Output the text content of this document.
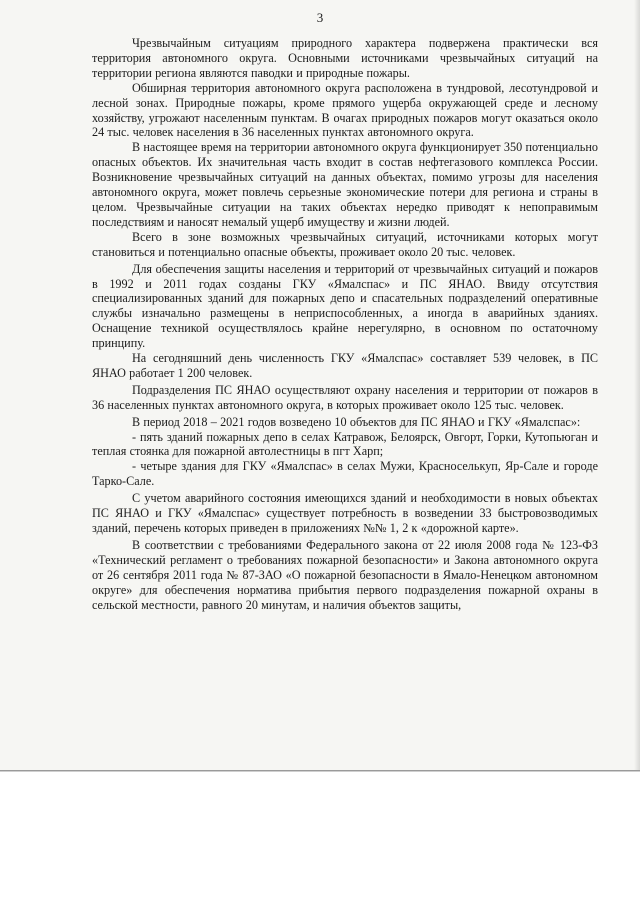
3

Чрезвычайным ситуациям природного характера подвержена практически вся территория автономного округа. Основными источниками чрезвычайных ситуаций на территории региона являются паводки и природные пожары.

Обширная территория автономного округа расположена в тундровой, лесотундровой и лесной зонах. Природные пожары, кроме прямого ущерба окружающей среде и лесному хозяйству, угрожают населенным пунктам. В очагах природных пожаров могут оказаться около 24 тыс. человек населения в 36 населенных пунктах автономного округа.

В настоящее время на территории автономного округа функционирует 350 потенциально опасных объектов. Их значительная часть входит в состав нефтегазового комплекса России. Возникновение чрезвычайных ситуаций на данных объектах, помимо угрозы для населения автономного округа, может повлечь серьезные экономические потери для региона и страны в целом. Чрезвычайные ситуации на таких объектах нередко приводят к непоправимым последствиям и наносят немалый ущерб имуществу и жизни людей.

Всего в зоне возможных чрезвычайных ситуаций, источниками которых могут становиться и потенциально опасные объекты, проживает около 20 тыс. человек.

Для обеспечения защиты населения и территорий от чрезвычайных ситуаций и пожаров в 1992 и 2011 годах созданы ГКУ «Ямалспас» и ПС ЯНАО. Ввиду отсутствия специализированных зданий для пожарных депо и спасательных подразделений оперативные службы изначально размещены в неприспособленных, а иногда в аварийных зданиях. Оснащение техникой осуществлялось крайне нерегулярно, в основном по остаточному принципу.

На сегодняшний день численность ГКУ «Ямалспас» составляет 539 человек, в ПС ЯНАО работает 1 200 человек.

Подразделения ПС ЯНАО осуществляют охрану населения и территории от пожаров в 36 населенных пунктах автономного округа, в которых проживает около 125 тыс. человек.

В период 2018 – 2021 годов возведено 10 объектов для ПС ЯНАО и ГКУ «Ямалспас»:

- пять зданий пожарных депо в селах Катравож, Белоярск, Овгорт, Горки, Кутопьюган и теплая стоянка для пожарной автолестницы в пгт Харп;

- четыре здания для ГКУ «Ямалспас» в селах Мужи, Красноселькуп, Яр-Сале и городе Тарко-Сале.

С учетом аварийного состояния имеющихся зданий и необходимости в новых объектах ПС ЯНАО и ГКУ «Ямалспас» существует потребность в возведении 33 быстровозводимых зданий, перечень которых приведен в приложениях №№ 1, 2 к «дорожной карте».

В соответствии с требованиями Федерального закона от 22 июля 2008 года № 123-ФЗ «Технический регламент о требованиях пожарной безопасности» и Закона автономного округа от 26 сентября 2011 года № 87-ЗАО «О пожарной безопасности в Ямало-Ненецком автономном округе» для обеспечения норматива прибытия первого подразделения пожарной охраны в сельской местности, равного 20 минутам, и наличия объектов защиты,
